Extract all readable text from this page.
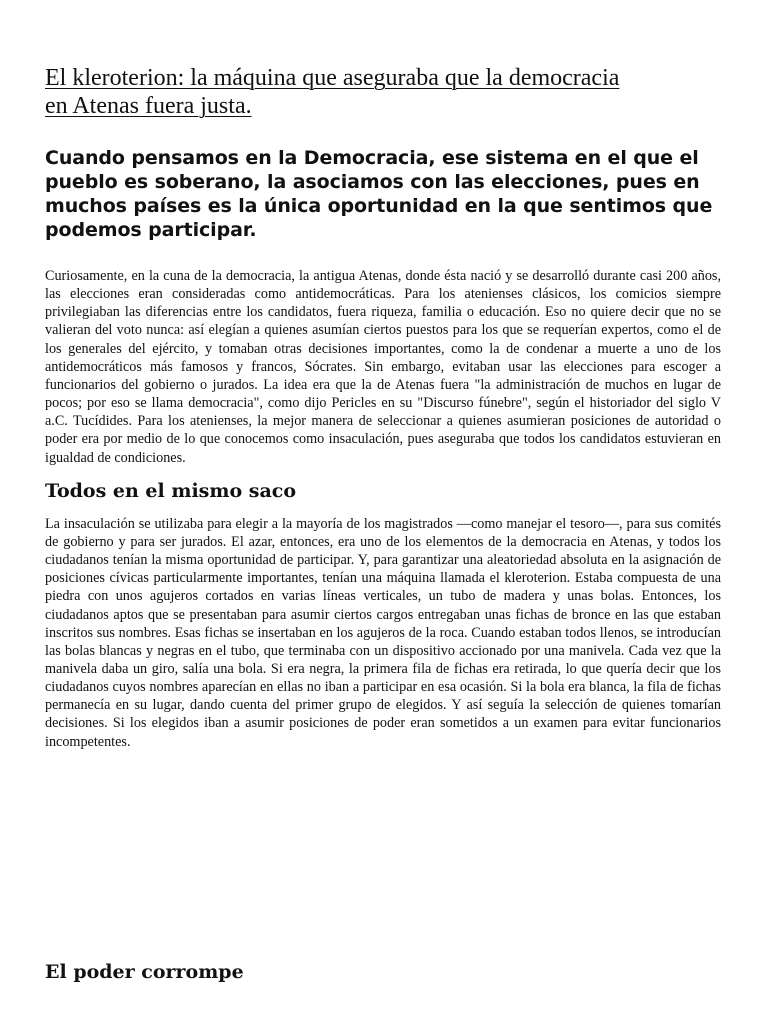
El kleroterion: la máquina que aseguraba que la democracia en Atenas fuera justa.

Cuando pensamos en la Democracia, ese sistema en el que el pueblo es soberano, la asociamos con las elecciones, pues en muchos países es la única oportunidad en la que sentimos que podemos participar.

Curiosamente, en la cuna de la democracia, la antigua Atenas, donde ésta nació y se desarrolló durante casi 200 años, las elecciones eran consideradas como antidemocráticas. Para los atenienses clásicos, los comicios siempre privilegiaban las diferencias entre los candidatos, fuera riqueza, familia o educación. Eso no quiere decir que no se valieran del voto nunca: así elegían a quienes asumían ciertos puestos para los que se requerían expertos, como el de los generales del ejército, y tomaban otras decisiones importantes, como la de condenar a muerte a uno de los antidemocráticos más famosos y francos, Sócrates. Sin embargo, evitaban usar las elecciones para escoger a funcionarios del gobierno o jurados. La idea era que la de Atenas fuera "la administración de muchos en lugar de pocos; por eso se llama democracia", como dijo Pericles en su "Discurso fúnebre", según el historiador del siglo V a.C. Tucídides. Para los atenienses, la mejor manera de seleccionar a quienes asumieran posiciones de autoridad o poder era por medio de lo que conocemos como insaculación, pues aseguraba que todos los candidatos estuvieran en igualdad de condiciones.

Todos en el mismo saco

La insaculación se utilizaba para elegir a la mayoría de los magistrados —como manejar el tesoro—, para sus comités de gobierno y para ser jurados. El azar, entonces, era uno de los elementos de la democracia en Atenas, y todos los ciudadanos tenían la misma oportunidad de participar. Y, para garantizar una aleatoriedad absoluta en la asignación de posiciones cívicas particularmente importantes, tenían una máquina llamada el kleroterion. Estaba compuesta de una piedra con unos agujeros cortados en varias líneas verticales, un tubo de madera y unas bolas. Entonces, los ciudadanos aptos que se presentaban para asumir ciertos cargos entregaban unas fichas de bronce en las que estaban inscritos sus nombres. Esas fichas se insertaban en los agujeros de la roca. Cuando estaban todos llenos, se introducían las bolas blancas y negras en el tubo, que terminaba con un dispositivo accionado por una manivela. Cada vez que la manivela daba un giro, salía una bola. Si era negra, la primera fila de fichas era retirada, lo que quería decir que los ciudadanos cuyos nombres aparecían en ellas no iban a participar en esa ocasión. Si la bola era blanca, la fila de fichas permanecía en su lugar, dando cuenta del primer grupo de elegidos. Y así seguía la selección de quienes tomarían decisiones. Si los elegidos iban a asumir posiciones de poder eran sometidos a un examen para evitar funcionarios incompetentes.

El poder corrompe
